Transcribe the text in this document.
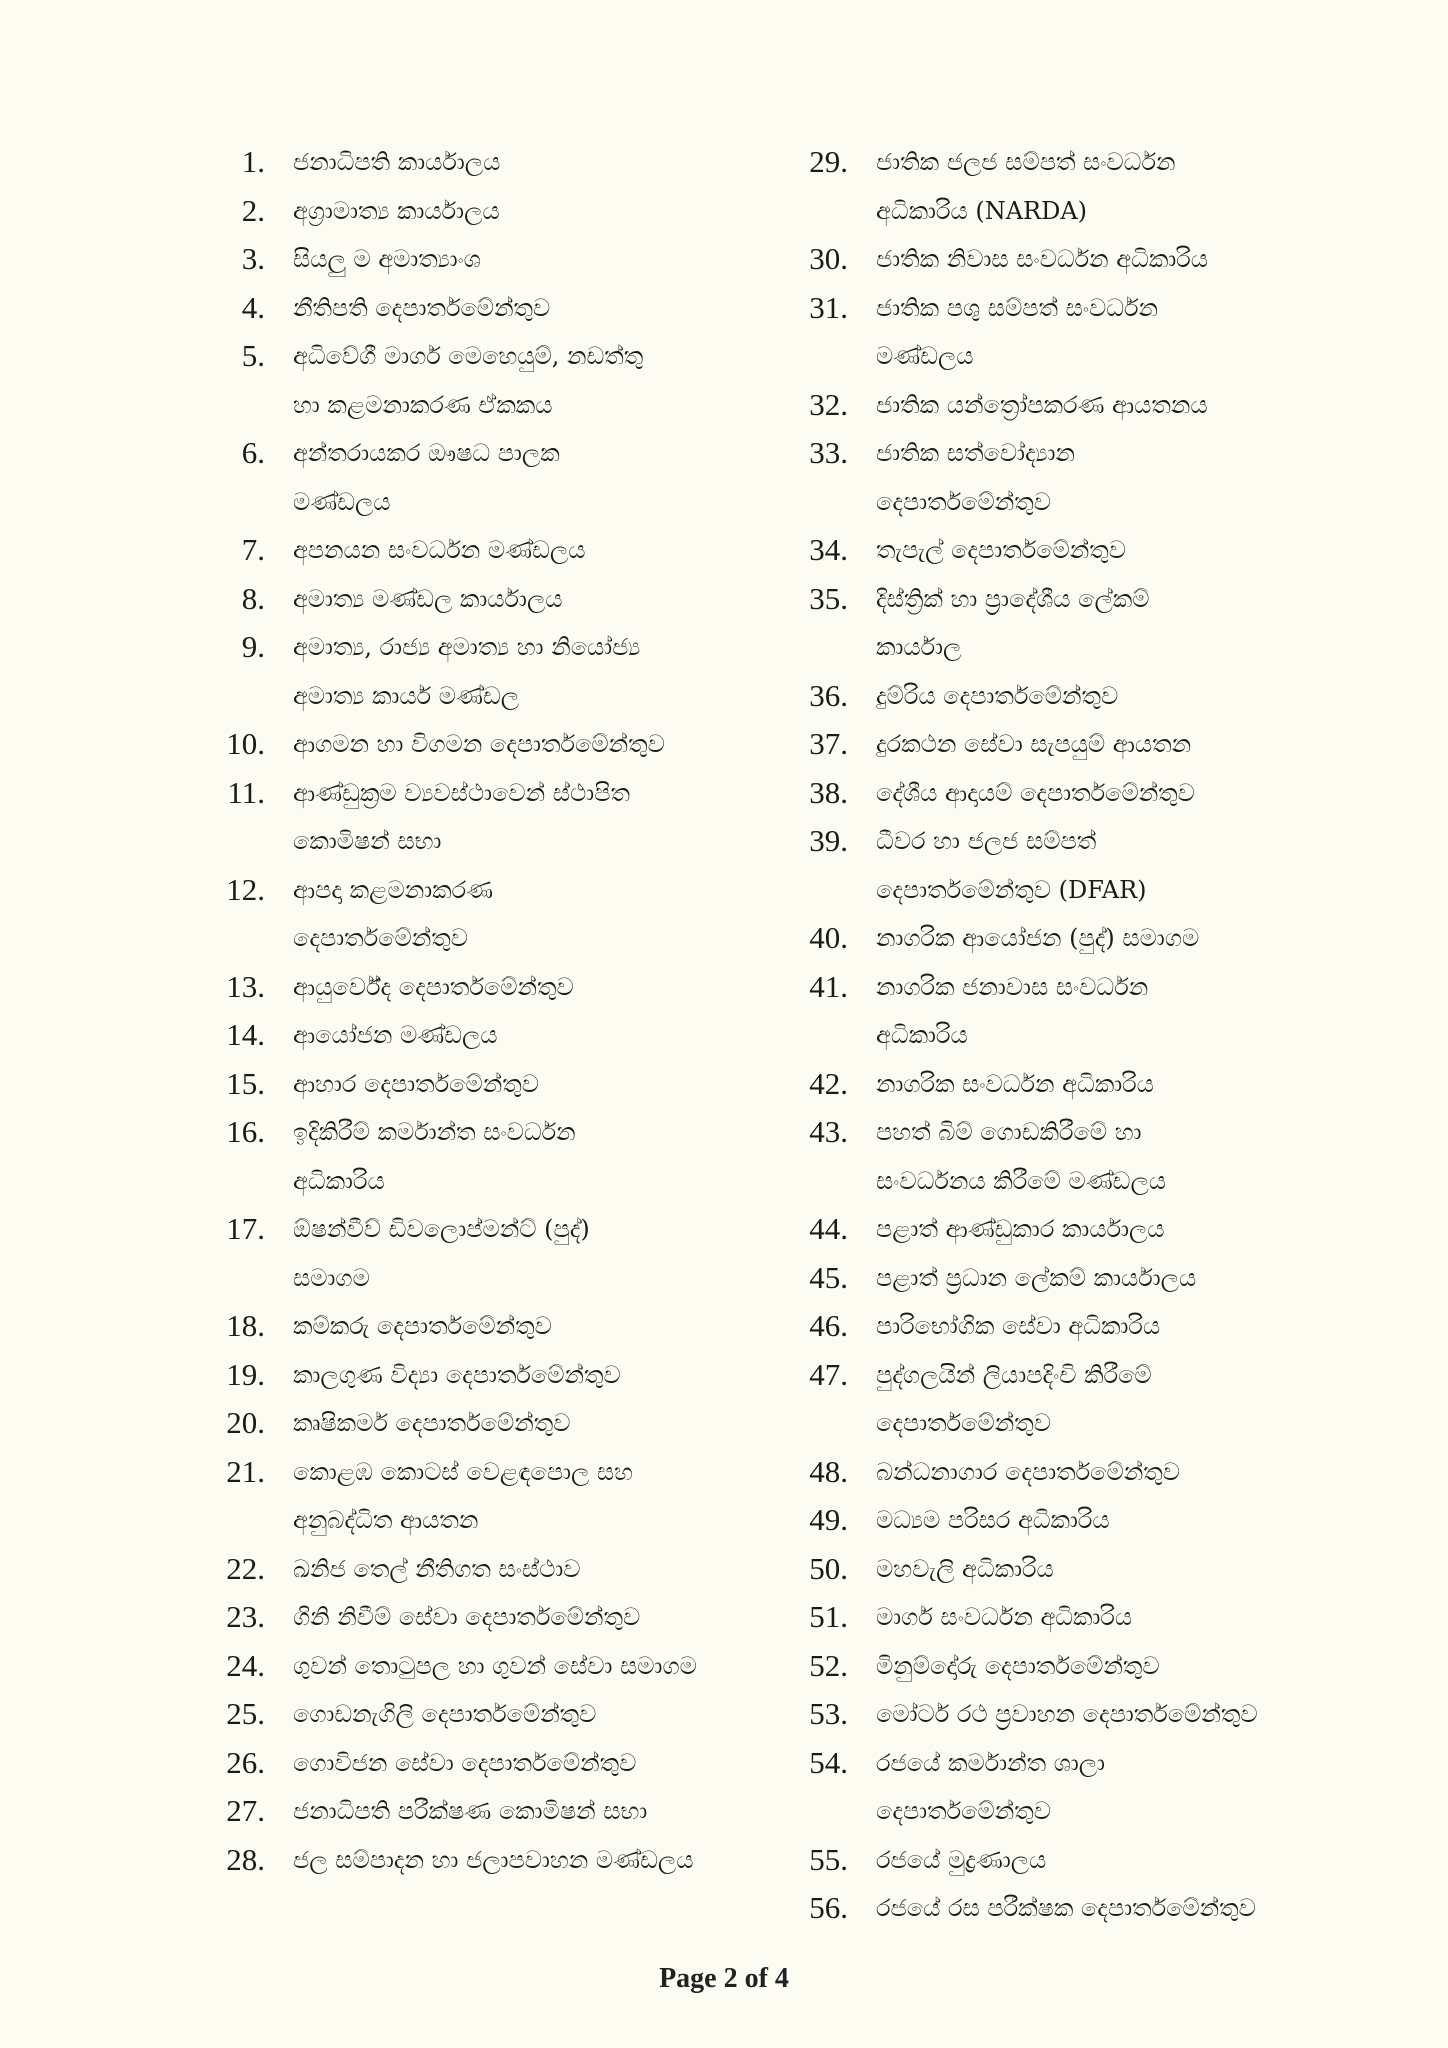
1. ජනාධිපති කාර්යාලය
2. අග්‍රාමාත්‍ය කාර්යාලය
3. සියලු ම අමාත්‍යාංශ
4. නීතිපති දෙපාර්තමේන්තුව
5. අධිවේගී මාර්ග මෙහෙයුම්, නඩත්තු
හා කළමනාකරණ ඒකකය
6. අන්තරායකර ඖෂධ පාලක
මණ්ඩලය
7. අපනයන සංවර්ධන මණ්ඩලය
8. අමාත්‍ය මණ්ඩල කාර්යාලය
9. අමාත්‍ය, රාජ්‍ය අමාත්‍ය හා නියෝජ්‍ය
අමාත්‍ය කාර්ය මණ්ඩල
10. ආගමන හා විගමන දෙපාර්තමේන්තුව
11. ආණ්ඩුක්‍රම ව්‍යවස්ථාවෙන් ස්ථාපිත
කොමිෂන් සභා
12. ආපදා කළමනාකරණ
දෙපාර්තමේන්තුව
13. ආයුර්වේද දෙපාර්තමේන්තුව
14. ආයෝජන මණ්ඩලය
15. ආහාර දෙපාර්තමේන්තුව
16. ඉදිකිරීම් කර්මාන්ත සංවර්ධන
අධිකාරිය
17. ඕෂන්වීව් ඩිවලොප්මන්ට් (පුද්)
සමාගම
18. කම්කරු දෙපාර්තමේන්තුව
19. කාලගුණ විද්‍යා දෙපාර්තමේන්තුව
20. කෘෂිකර්ම දෙපාර්තමේන්තුව
21. කොළඹ කොටස් වෙළඳපොල සහ
අනුබද්ධිත ආයතන
22. ඛනිජ තෙල් නීතිගත සංස්ථාව
23. ගිනි නිවීම් සේවා දෙපාර්තමේන්තුව
24. ගුවන් තොටුපල හා ගුවන් සේවා සමාගම
25. ගොඩනැගිලි දෙපාර්තමේන්තුව
26. ගොවිජන සේවා දෙපාර්තමේන්තුව
27. ජනාධිපති පරීක්ෂණ කොමිෂන් සභා
28. ජල සම්පාදන හා ජලාපවාහන මණ්ඩලය
29. ජාතික ජලජ සම්පත් සංවර්ධන
අධිකාරිය (NARDA)
30. ජාතික නිවාස සංවර්ධන අධිකාරිය
31. ජාතික පශු සම්පත් සංවර්ධන
මණ්ඩලය
32. ජාතික යන්ත්‍රෝපකරණ ආයතනය
33. ජාතික සත්වෝද්‍යාන
දෙපාර්තමේන්තුව
34. තැපැල් දෙපාර්තමේන්තුව
35. දිස්ත්‍රික් හා ප්‍රාදේශීය ලේකම්
කාර්යාල
36. දුම්රිය දෙපාර්තමේන්තුව
37. දුරකථන සේවා සැපයුම් ආයතන
38. දේශීය ආදායම් දෙපාර්තමේන්තුව
39. ධීවර හා ජලජ සම්පත්
දෙපාර්තමේන්තුව (DFAR)
40. නාගරික ආයෝජන (පුද්) සමාගම
41. නාගරික ජනාවාස සංවර්ධන
අධිකාරිය
42. නාගරික සංවර්ධන අධිකාරිය
43. පහත් බිම් ගොඩකිරීමේ හා
සංවර්ධනය කිරීමේ මණ්ඩලය
44. පළාත් ආණ්ඩුකාර කාර්යාලය
45. පළාත් ප්‍රධාන ලේකම් කාර්යාලය
46. පාරිභෝගික සේවා අධිකාරිය
47. පුද්ගලයින් ලියාපදිංචි කිරීමේ
දෙපාර්තමේන්තුව
48. බන්ධනාගාර දෙපාර්තමේන්තුව
49. මධ්‍යම පරිසර අධිකාරිය
50. මහවැලි අධිකාරිය
51. මාර්ග සංවර්ධන අධිකාරිය
52. මිනුම්දෝරු දෙපාර්තමේන්තුව
53. මෝටර් රථ ප්‍රවාහන දෙපාර්තමේන්තුව
54. රජයේ කර්මාන්ත ශාලා
දෙපාර්තමේන්තුව
55. රජයේ මුද්‍රණාලය
56. රජයේ රස පරීක්ෂක දෙපාර්තමේන්තුව
Page 2 of 4
